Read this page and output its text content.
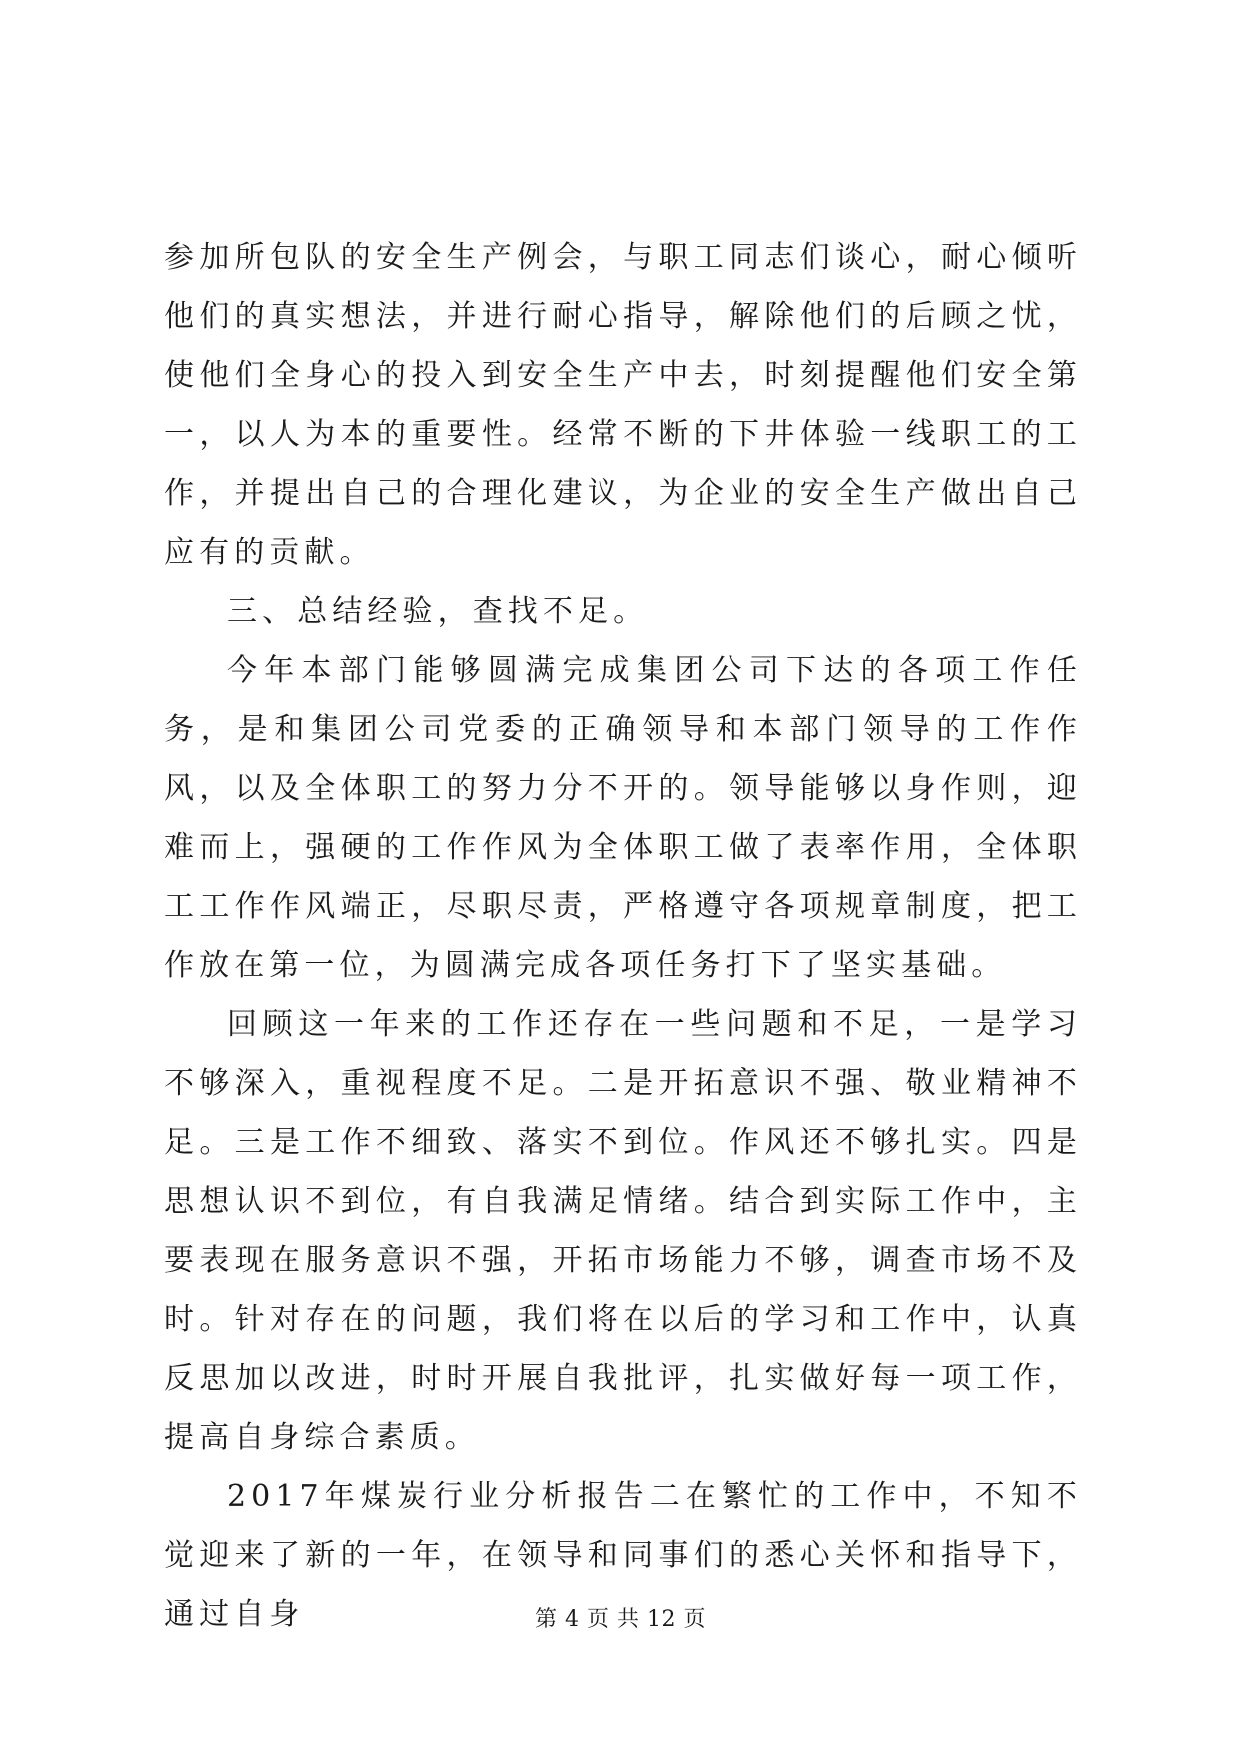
参加所包队的安全生产例会，与职工同志们谈心，耐心倾听他们的真实想法，并进行耐心指导，解除他们的后顾之忧，使他们全身心的投入到安全生产中去，时刻提醒他们安全第一，以人为本的重要性。经常不断的下井体验一线职工的工作，并提出自己的合理化建议，为企业的安全生产做出自己应有的贡献。

三、总结经验，查找不足。

今年本部门能够圆满完成集团公司下达的各项工作任务，是和集团公司党委的正确领导和本部门领导的工作作风，以及全体职工的努力分不开的。领导能够以身作则，迎难而上，强硬的工作作风为全体职工做了表率作用，全体职工工作作风端正，尽职尽责，严格遵守各项规章制度，把工作放在第一位，为圆满完成各项任务打下了坚实基础。

回顾这一年来的工作还存在一些问题和不足，一是学习不够深入，重视程度不足。二是开拓意识不强、敬业精神不足。三是工作不细致、落实不到位。作风还不够扎实。四是思想认识不到位，有自我满足情绪。结合到实际工作中，主要表现在服务意识不强，开拓市场能力不够，调查市场不及时。针对存在的问题，我们将在以后的学习和工作中，认真反思加以改进，时时开展自我批评，扎实做好每一项工作，提高自身综合素质。

2017年煤炭行业分析报告二在繁忙的工作中，不知不觉迎来了新的一年，在领导和同事们的悉心关怀和指导下，通过自身	第 4 页 共 12 页
